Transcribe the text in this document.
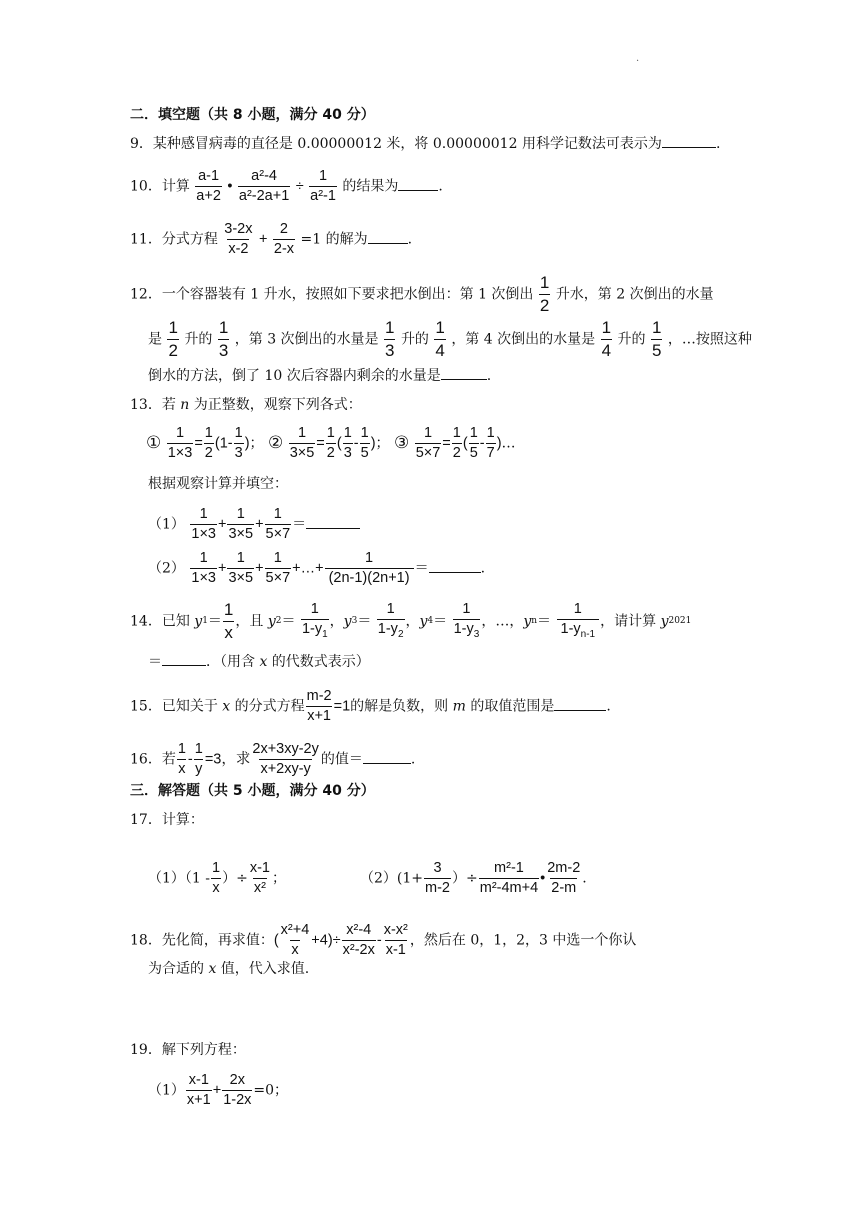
·
二．填空题（共 8 小题，满分 40 分）
9．某种感冒病毒的直径是 0.00000012 米，将 0.00000012 用科学记数法可表示为	.
10．计算 $\frac{a-1}{a+2}$ • $\frac{\text{a²-4}}{\text{a²-2a+1}} \div \frac{1}{\text{a²-1}}$ 的结果为	.
11．分式方程 $\frac{3-2x}{x-2} + \frac{2}{2-x} =1$ 的解为	.
12．一个容器装有 1 升水，按照如下要求把水倒出：第 1 次倒出 $\frac{1}{2}$ 升水，第 2 次倒出的水量
是 $\frac{1}{2}$ 升的 $\frac{1}{3}$ ，第 3 次倒出的水量是 $\frac{1}{3}$ 升的 $\frac{1}{4}$ ，第 4 次倒出的水量是 $\frac{1}{4}$ 升的 $\frac{1}{5}$ ，…按照这种
倒水的方法，倒了 10 次后容器内剩余的水量是	.
13．若 n 为正整数，观察下列各式：
① $\frac{1}{1\times 3} = \frac{1}{2} (1- \frac{1}{3}$ )； ② $\frac{1}{3\times 5} = \frac{1}{2}$ ( $\frac{1}{3} - \frac{1}{5}$ )； ③ $\frac{1}{5\times 7} = \frac{1}{2}$ ( $\frac{1}{5} - \frac{1}{7}$ )…
根据观察计算并填空：
$(1) \frac{1}{1\times 3} + \frac{1}{3\times 5} + \frac{1}{5\times 7}$ ＝
$(2) \frac{1}{1\times 3} + \frac{1}{3\times 5} + \frac{1}{5\times 7}$ +…+ $\frac{1}{(2n-1)(2n+1)}$ ＝	.
14．已知 $y1= \frac{1}{x}$ ，且 $y2= \frac{1}{1-y_1}$ ，$y3= \frac{1}{1-y_2}$ ，$y4= \frac{1}{1-y_3}$ ，…，$yn= \frac{1}{1-y_{n-1}}$ ，请计算 y2021
＝	．（用含 x 的代数式表示）
15．已知关于 x 的分式方程 $\frac{m-2}{x+1} =1$的解是负数，则 m 的取值范围是	.
16．若 $\frac{1}{x} - \frac{1}{y} =3$，求 $\frac{2x+3xy-2y}{x+2xy-y}$ 的值＝	.
三．解答题（共 5 小题，满分 40 分）
17．计算：
$(1)(1 - \frac{1}{x}$ ）÷ $\frac{x-1}{\text{x²}}$ ；	$(2)(1+ \frac{3}{m-2}$ ）÷ $\frac{\text{m²-1}}{\text{m²-4m+4}}$ • $\frac{2m-2}{2-m}$ .
18．先化简，再求值：( $\frac{\text{x²+4}}{x} +4)\div \frac{\text{x²-4}}{\text{x²-2x}} - \frac{\text{x-x²}}{x-1}$ ，然后在 0，1，2，3 中选一个你认
为合适的 x 值，代入求值.
19．解下列方程：
$(1) \frac{x-1}{x+1} + \frac{2x}{1-2x} =0$；
